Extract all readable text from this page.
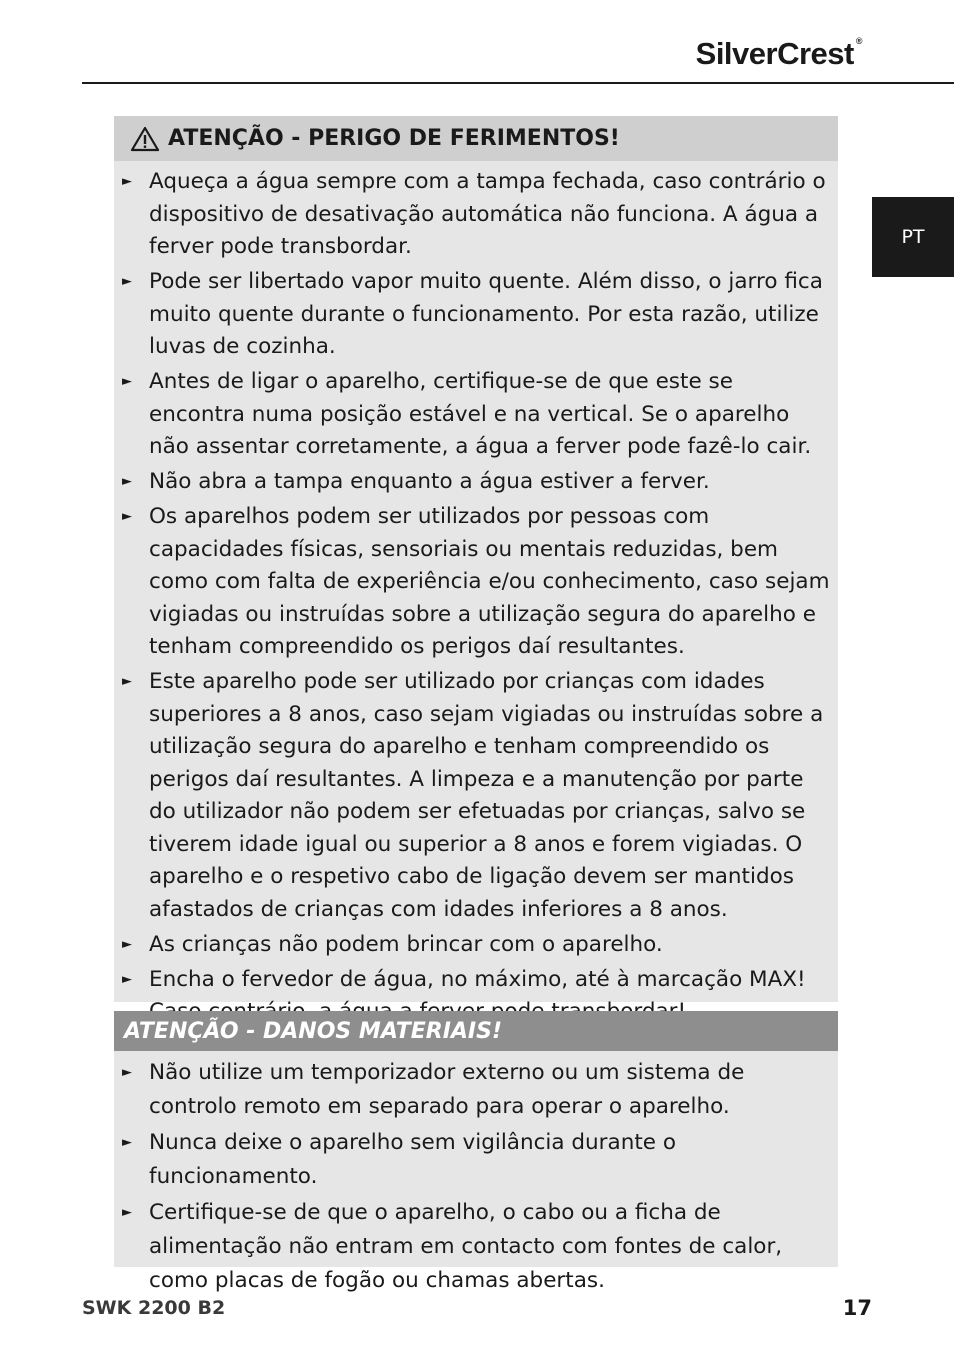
SilverCrest ®
PT
ATENÇÃO - PERIGO DE FERIMENTOS!
► Aqueça a água sempre com a tampa fechada, caso contrário o dispositivo de desativação automática não funciona. A água a ferver pode transbordar.
► Pode ser libertado vapor muito quente. Além disso, o jarro fica muito quente durante o funcionamento. Por esta razão, utilize luvas de cozinha.
► Antes de ligar o aparelho, certifique-se de que este se encontra numa posição estável e na vertical. Se o aparelho não assentar corretamente, a água a ferver pode fazê-lo cair.
► Não abra a tampa enquanto a água estiver a ferver.
► Os aparelhos podem ser utilizados por pessoas com capacidades físicas, sensoriais ou mentais reduzidas, bem como com falta de experiência e/ou conhecimento, caso sejam vigiadas ou instruídas sobre a utilização segura do aparelho e tenham compreendido os perigos daí resultantes.
► Este aparelho pode ser utilizado por crianças com idades superiores a 8 anos, caso sejam vigiadas ou instruídas sobre a utilização segura do aparelho e tenham compreendido os perigos daí resultantes. A limpeza e a manutenção por parte do utilizador não podem ser efetuadas por crianças, salvo se tiverem idade igual ou superior a 8 anos e forem vigiadas. O aparelho e o respetivo cabo de ligação devem ser mantidos afastados de crianças com idades inferiores a 8 anos.
► As crianças não podem brincar com o aparelho.
► Encha o fervedor de água, no máximo, até à marcação MAX!
ATENÇÃO - DANOS MATERIAIS!
► Não utilize um temporizador externo ou um sistema de controlo remoto em separado para operar o aparelho.
► Nunca deixe o aparelho sem vigilância durante o funcionamento.
► Certifique-se de que o aparelho, o cabo ou a ficha de alimentação não entram em contacto com fontes de calor, como placas de fogão ou chamas abertas.
SWK 2200 B2	17
